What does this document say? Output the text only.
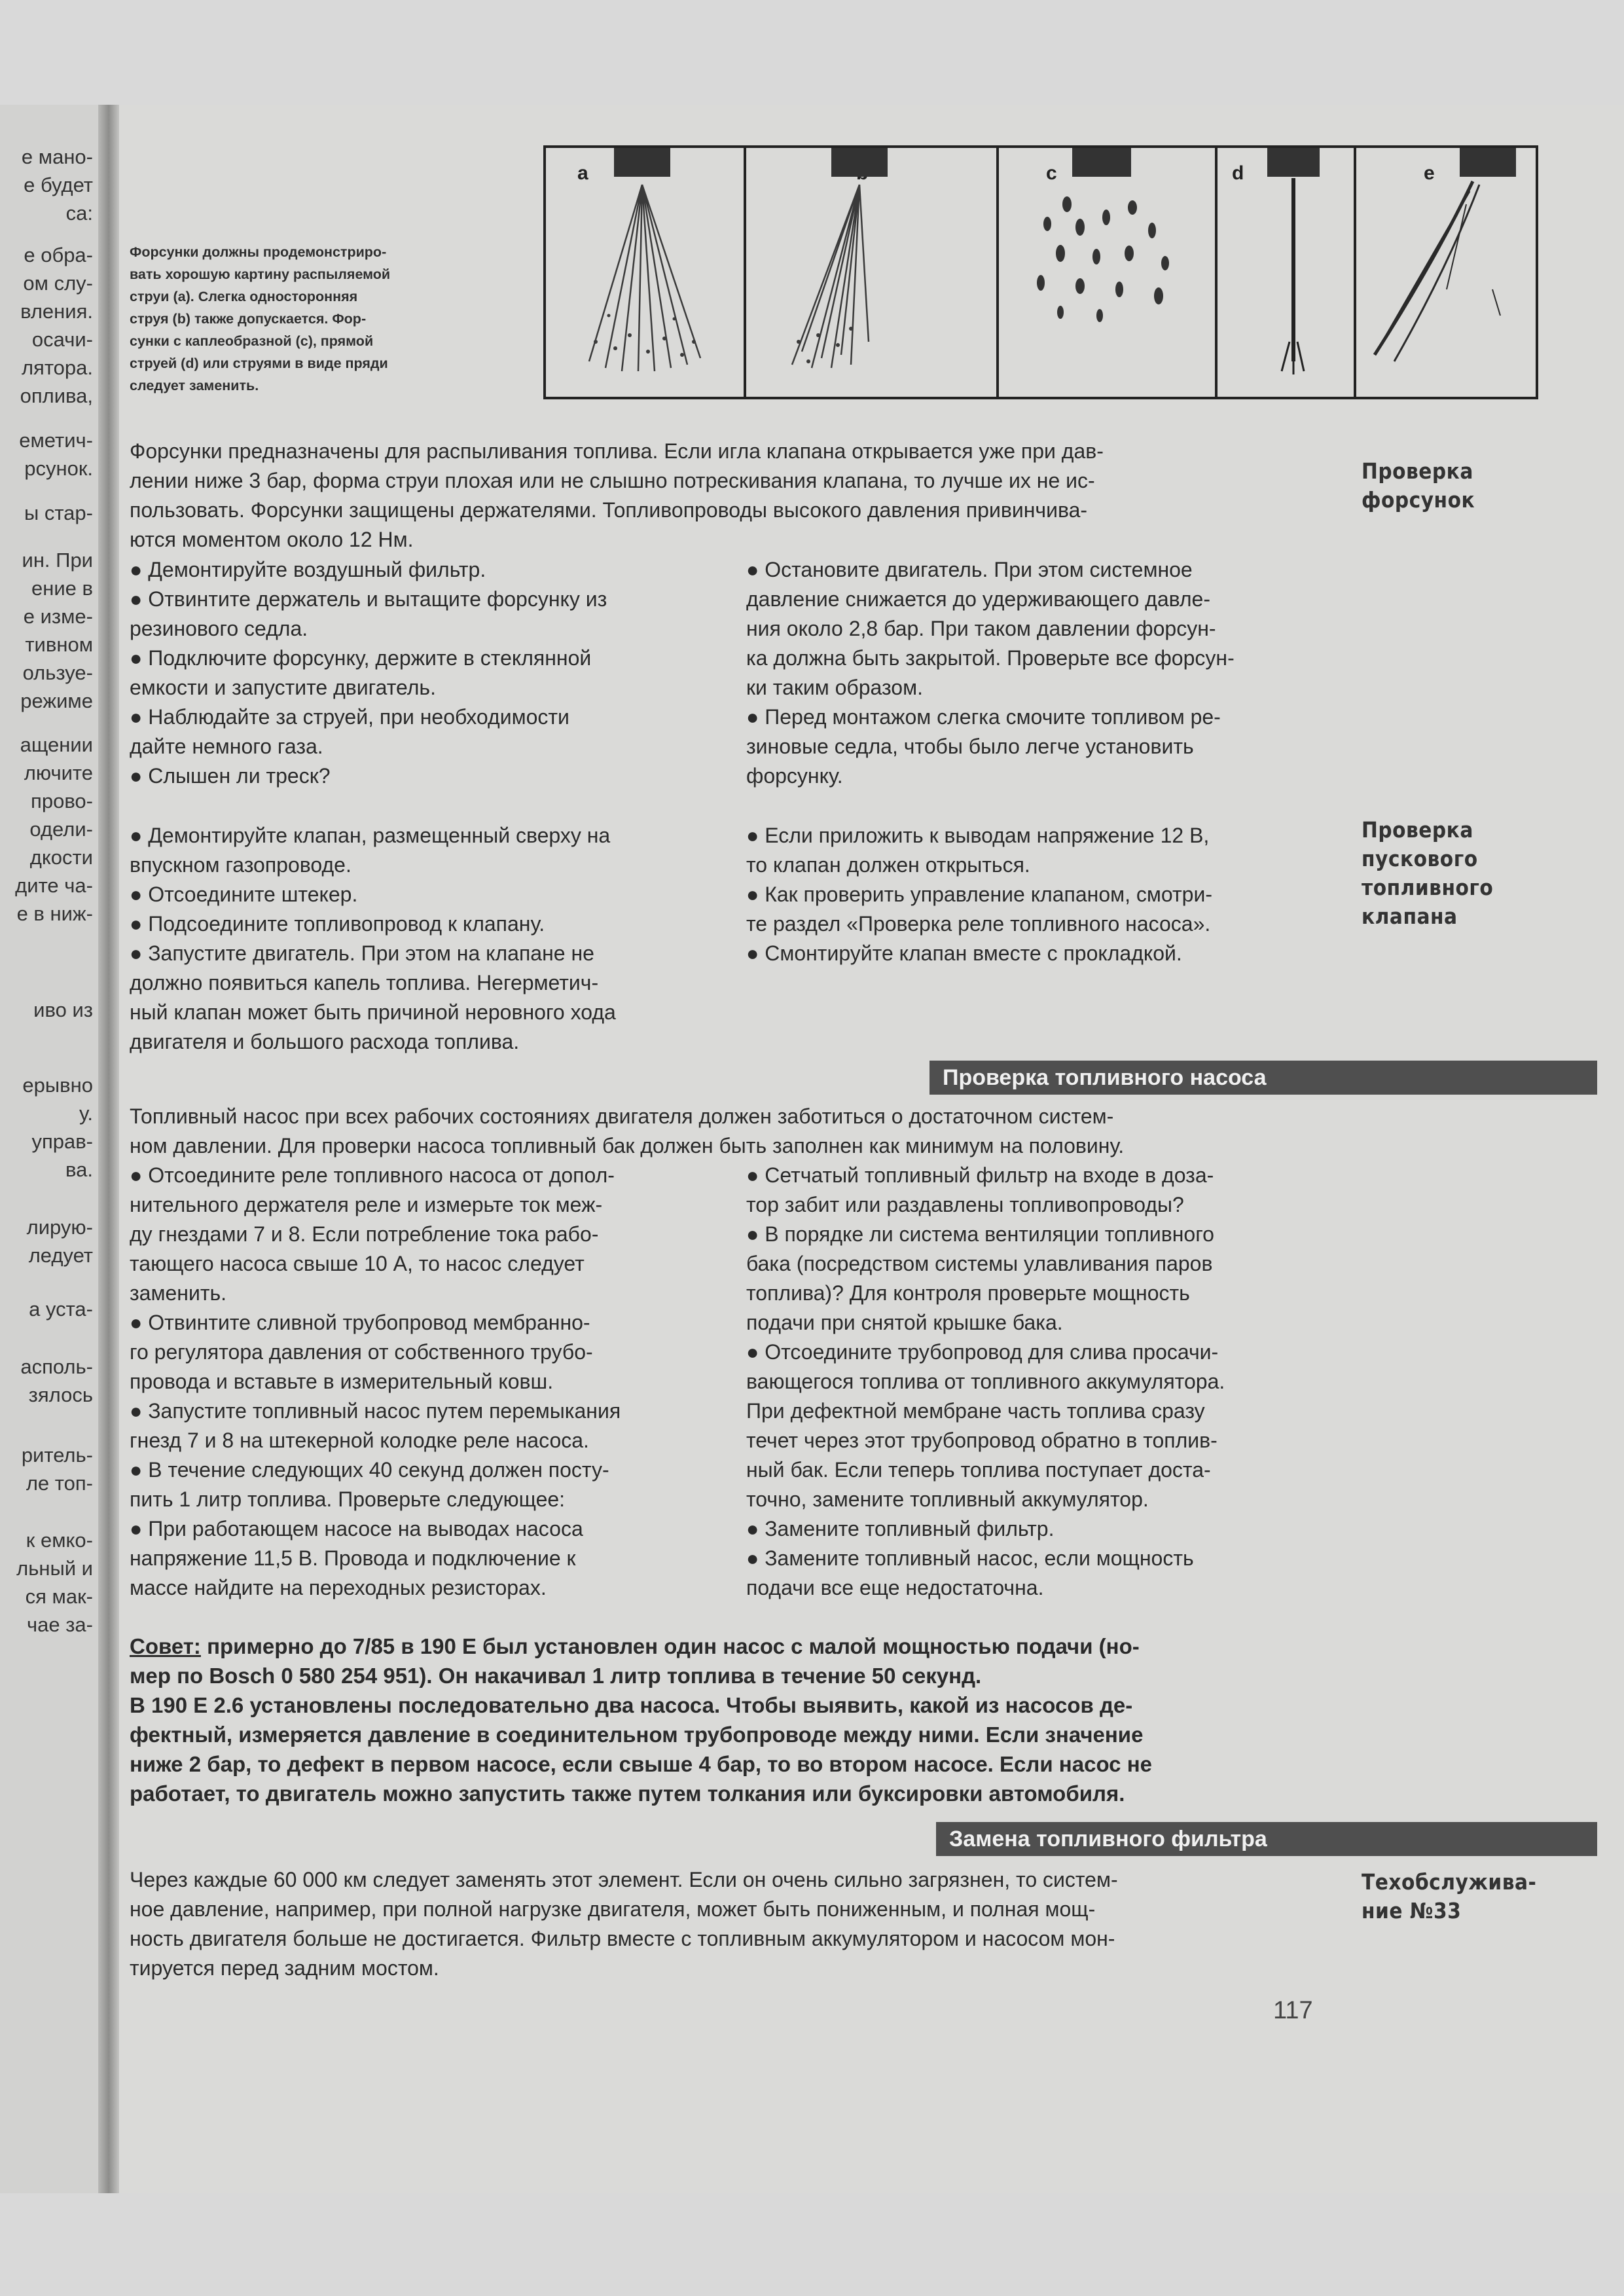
е мано-
е будет
са:
е обра-
ом слу-
вления.
осачи-
лятора.
оплива,
еметич-
рсунок.
ы стар-
ин. При
ение в
е изме-
тивном
ользуе-
режиме
ащении
лючите
прово-
одели-
дкости
дите ча-
е в ниж-
иво из
ерывно
у.
управ-
ва.
лирую-
ледует
а уста-
асполь-
зялось
ритель-
ле топ-
к емко-
льный и
ся мак-
чае за-
a	c	d	e
Форсунки должны продемонстриро-
вать хорошую картину распыляемой
струи (а). Слегка односторонняя
струя (b) также допускается. Фор-
сунки с каплеобразной (с), прямой
струей (d) или струями в виде пряди
следует заменить.
Форсунки предназначены для распыливания топлива. Если игла клапана открывается уже при дав-
лении ниже 3 бар, форма струи плохая или не слышно потрескивания клапана, то лучше их не ис-
пользовать. Форсунки защищены держателями. Топливопроводы высокого давления привинчива-
ются моментом около 12 Нм.
Проверка
форсунок
● Демонтируйте воздушный фильтр.
● Отвинтите держатель и вытащите форсунку из
резинового седла.
● Подключите форсунку, держите в стеклянной
емкости и запустите двигатель.
● Наблюдайте за струей, при необходимости
дайте немного газа.
● Слышен ли треск?
● Остановите двигатель. При этом системное
давление снижается до удерживающего давле-
ния около 2,8 бар. При таком давлении форсун-
ка должна быть закрытой. Проверьте все форсун-
ки таким образом.
● Перед монтажом слегка смочите топливом ре-
зиновые седла, чтобы было легче установить
форсунку.
● Демонтируйте клапан, размещенный сверху на
впускном газопроводе.
● Отсоедините штекер.
● Подсоедините топливопровод к клапану.
● Запустите двигатель. При этом на клапане не
должно появиться капель топлива. Негерметич-
ный клапан может быть причиной неровного хода
двигателя и большого расхода топлива.
● Если приложить к выводам напряжение 12 В,
то клапан должен открыться.
● Как проверить управление клапаном, смотри-
те раздел «Проверка реле топливного насоса».
● Смонтируйте клапан вместе с прокладкой.
Проверка
пускового
топливного
клапана
Проверка топливного насоса
Топливный насос при всех рабочих состояниях двигателя должен заботиться о достаточном систем-
ном давлении. Для проверки насоса топливный бак должен быть заполнен как минимум на половину.
● Отсоедините реле топливного насоса от допол-
нительного держателя реле и измерьте ток меж-
ду гнездами 7 и 8. Если потребление тока рабо-
тающего насоса свыше 10 А, то насос следует
заменить.
● Отвинтите сливной трубопровод мембранно-
го регулятора давления от собственного трубо-
провода и вставьте в измерительный ковш.
● Запустите топливный насос путем перемыкания
гнезд 7 и 8 на штекерной колодке реле насоса.
● В течение следующих 40 секунд должен посту-
пить 1 литр топлива. Проверьте следующее:
● При работающем насосе на выводах насоса
напряжение 11,5 В. Провода и подключение к
массе найдите на переходных резисторах.
● Сетчатый топливный фильтр на входе в доза-
тор забит или раздавлены топливопроводы?
● В порядке ли система вентиляции топливного
бака (посредством системы улавливания паров
топлива)? Для контроля проверьте мощность
подачи при снятой крышке бака.
● Отсоедините трубопровод для слива просачи-
вающегося топлива от топливного аккумулятора.
При дефектной мембране часть топлива сразу
течет через этот трубопровод обратно в топлив-
ный бак. Если теперь топлива поступает доста-
точно, замените топливный аккумулятор.
● Замените топливный фильтр.
● Замените топливный насос, если мощность
подачи все еще недостаточна.
Совет: примерно до 7/85 в 190 Е был установлен один насос с малой мощностью подачи (но-
мер по Bosch 0 580 254 951). Он накачивал 1 литр топлива в течение 50 секунд.
В 190 Е 2.6 установлены последовательно два насоса. Чтобы выявить, какой из насосов де-
фектный, измеряется давление в соединительном трубопроводе между ними. Если значение
ниже 2 бар, то дефект в первом насосе, если свыше 4 бар, то во втором насосе. Если насос не
работает, то двигатель можно запустить также путем толкания или буксировки автомобиля.
Замена топливного фильтра
Через каждые 60 000 км следует заменять этот элемент. Если он очень сильно загрязнен, то систем-
ное давление, например, при полной нагрузке двигателя, может быть пониженным, и полная мощ-
ность двигателя больше не достигается. Фильтр вместе с топливным аккумулятором и насосом мон-
тируется перед задним мостом.
Техобслужива-
ние №33
117
